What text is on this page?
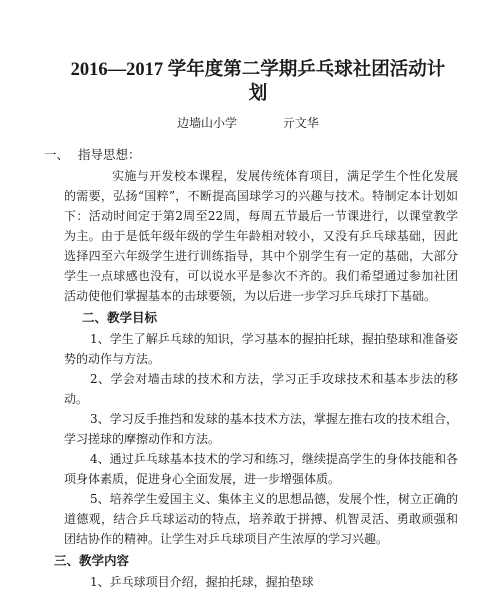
2016—2017 学年度第二学期乒乓球社团活动计划
边墙山小学	亓文华
一、 指导思想：

实施与开发校本课程，发展传统体育项目，满足学生个性化发展的需要，弘扬“国粹”，不断提高国球学习的兴趣与技术。特制定本计划如下：活动时间定于第2周至22周，每周五节最后一节课进行，以课堂教学为主。由于是低年级年级的学生年龄相对较小，又没有乒乓球基础，因此选择四至六年级学生进行训练指导，其中个别学生有一定的基础，大部分学生一点球感也没有，可以说水平是参次不齐的。我们希望通过参加社团活动使他们掌握基本的击球要领，为以后进一步学习乒乓球打下基础。

二、教学目标

1、学生了解乒乓球的知识，学习基本的握拍托球，握拍垫球和准备姿势的动作与方法。

2、学会对墙击球的技术和方法，学习正手攻球技术和基本步法的移动。

3、学习反手推挡和发球的基本技术方法，掌握左推右攻的技术组合，学习搓球的摩擦动作和方法。

4、通过乒乓球基本技术的学习和练习，继续提高学生的身体技能和各项身体素质，促进身心全面发展，进一步增强体质。

5、培养学生爱国主义、集体主义的思想品德，发展个性，树立正确的道德观，结合乒乓球运动的特点，培养敢于拼搏、机智灵活、勇敢顽强和团结协作的精神。让学生对乒乓球项目产生浓厚的学习兴趣。

三、教学内容

1、乒乓球项目介绍，握拍托球，握拍垫球
